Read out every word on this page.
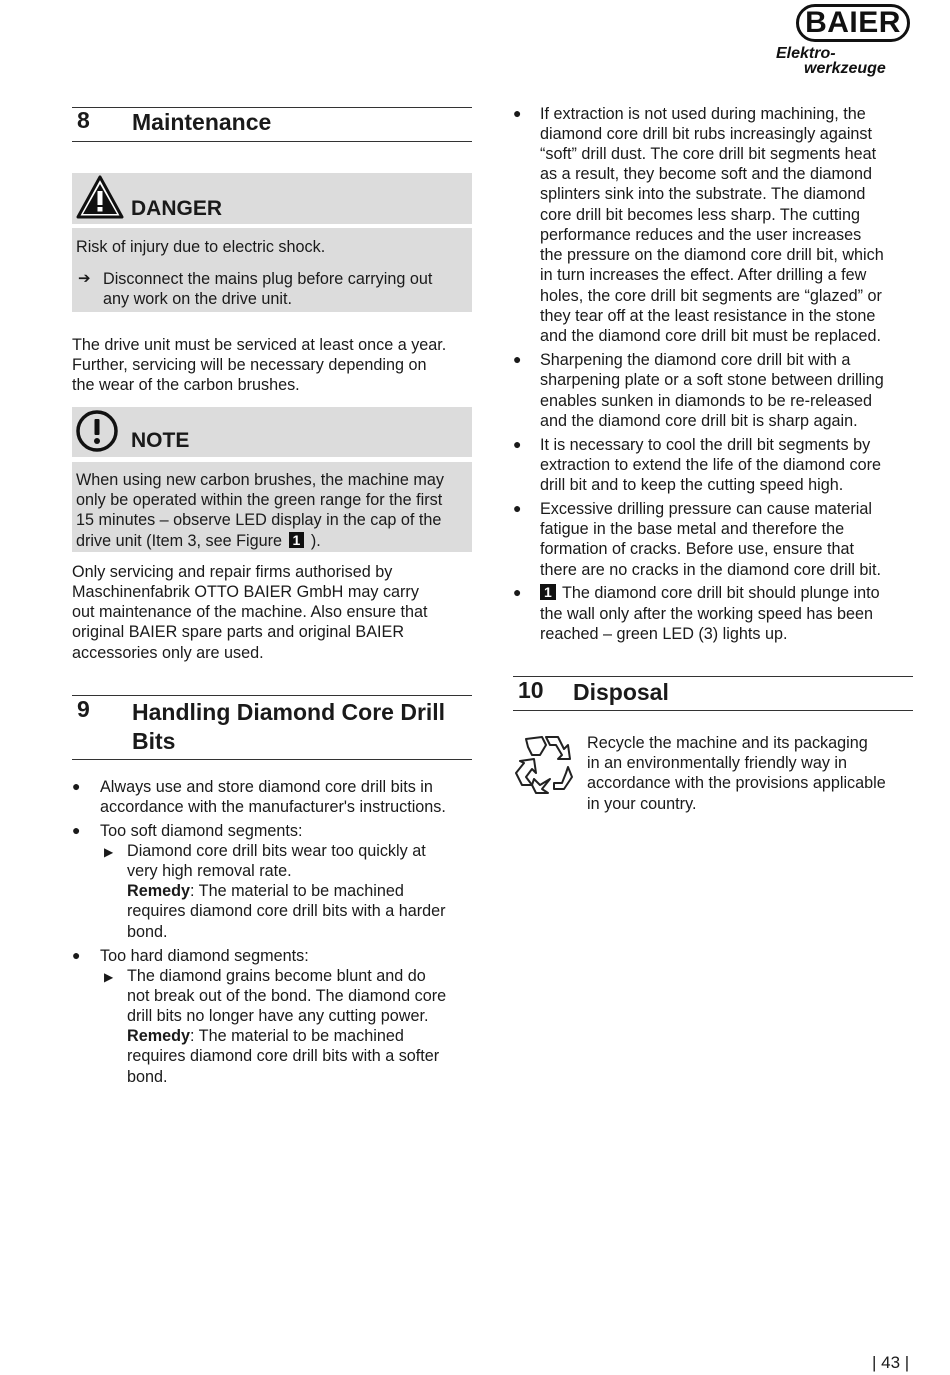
BAIER
Elektro-
werkzeuge
8 Maintenance
DANGER
Risk of injury due to electric shock.
➔ Disconnect the mains plug before carrying out
any work on the drive unit.
The drive unit must be serviced at least once a year.
Further, servicing will be necessary depending on
the wear of the carbon brushes.
NOTE
When using new carbon brushes, the machine may
only be operated within the green range for the first
15 minutes – observe LED display in the cap of the
drive unit (Item 3, see Figure 1 ).
Only servicing and repair firms authorised by
Maschinenfabrik OTTO BAIER GmbH may carry
out maintenance of the machine. Also ensure that
original BAIER spare parts and original BAIER
accessories only are used.
9 Handling Diamond Core Drill
Bits
● Always use and store diamond core drill bits in
accordance with the manufacturer's instructions.
● Too soft diamond segments:
▶ Diamond core drill bits wear too quickly at
very high removal rate.
Remedy: The material to be machined
requires diamond core drill bits with a harder
bond.
● Too hard diamond segments:
▶ The diamond grains become blunt and do
not break out of the bond. The diamond core
drill bits no longer have any cutting power.
Remedy: The material to be machined
requires diamond core drill bits with a softer
bond.
● If extraction is not used during machining, the
diamond core drill bit rubs increasingly against
“soft” drill dust. The core drill bit segments heat
as a result, they become soft and the diamond
splinters sink into the substrate. The diamond
core drill bit becomes less sharp. The cutting
performance reduces and the user increases
the pressure on the diamond core drill bit, which
in turn increases the effect. After drilling a few
holes, the core drill bit segments are “glazed” or
they tear off at the least resistance in the stone
and the diamond core drill bit must be replaced.
● Sharpening the diamond core drill bit with a
sharpening plate or a soft stone between drilling
enables sunken in diamonds to be re-released
and the diamond core drill bit is sharp again.
● It is necessary to cool the drill bit segments by
extraction to extend the life of the diamond core
drill bit and to keep the cutting speed high.
● Excessive drilling pressure can cause material
fatigue in the base metal and therefore the
formation of cracks. Before use, ensure that
there are no cracks in the diamond core drill bit.
● 1 The diamond core drill bit should plunge into
the wall only after the working speed has been
reached – green LED (3) lights up.
10 Disposal
Recycle the machine and its packaging
in an environmentally friendly way in
accordance with the provisions applicable
in your country.
| 43 |
